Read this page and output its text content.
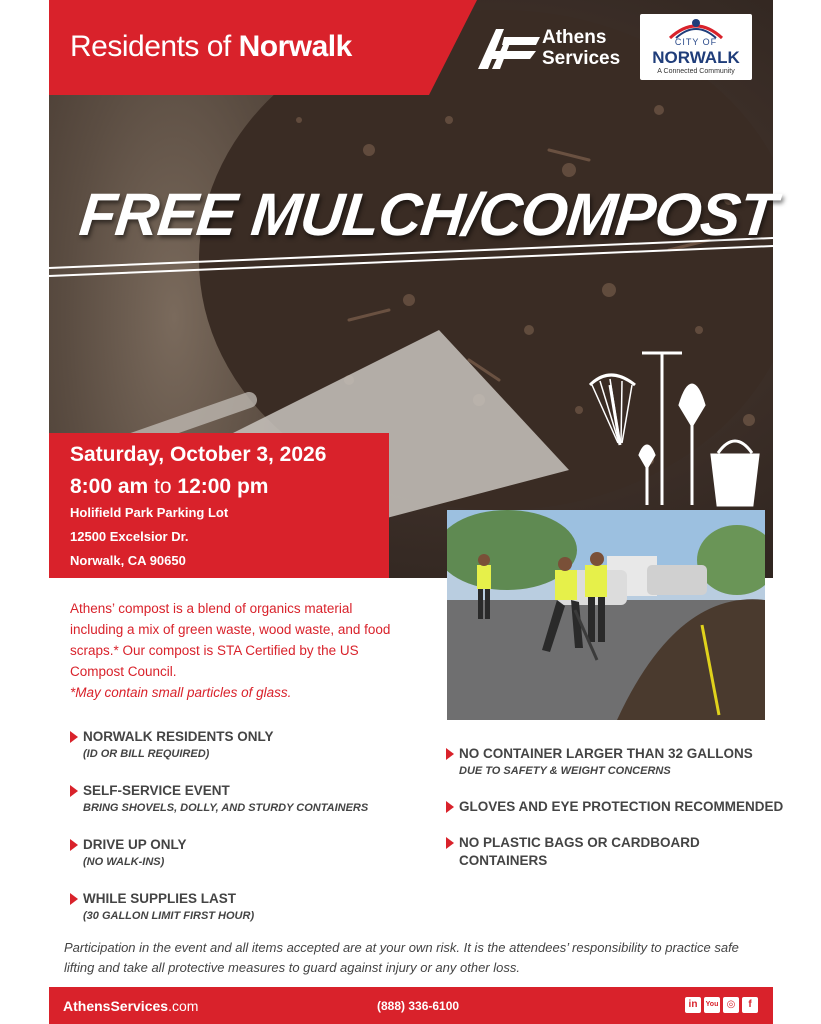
Residents of Norwalk	Athens
Services
CITY OF
NORWALK
A Connected Community
FREE MULCH/COMPOST
Saturday, October 3, 2026
8:00 am to 12:00 pm
Holifield Park Parking Lot
12500 Excelsior Dr.
Norwalk, CA 90650
Athens’ compost is a blend of organics material including a mix of green waste, wood waste, and food scraps.* Our compost is STA Certified by the US Compost Council.
*May contain small particles of glass.
NORWALK RESIDENTS ONLY
(ID OR BILL REQUIRED)
SELF-SERVICE EVENT
BRING SHOVELS, DOLLY, AND STURDY CONTAINERS
DRIVE UP ONLY
(NO WALK-INS)
WHILE SUPPLIES LAST
(30 GALLON LIMIT FIRST HOUR)
NO CONTAINER LARGER THAN 32 GALLONS
DUE TO SAFETY & WEIGHT CONCERNS
GLOVES AND EYE PROTECTION RECOMMENDED
NO PLASTIC BAGS OR CARDBOARD
CONTAINERS
Participation in the event and all items accepted are at your own risk. It is the attendees’ responsibility to practice safe lifting and take all protective measures to guard against injury or any other loss.
AthensServices.com	(888) 336-6100	in	You ◎	f
